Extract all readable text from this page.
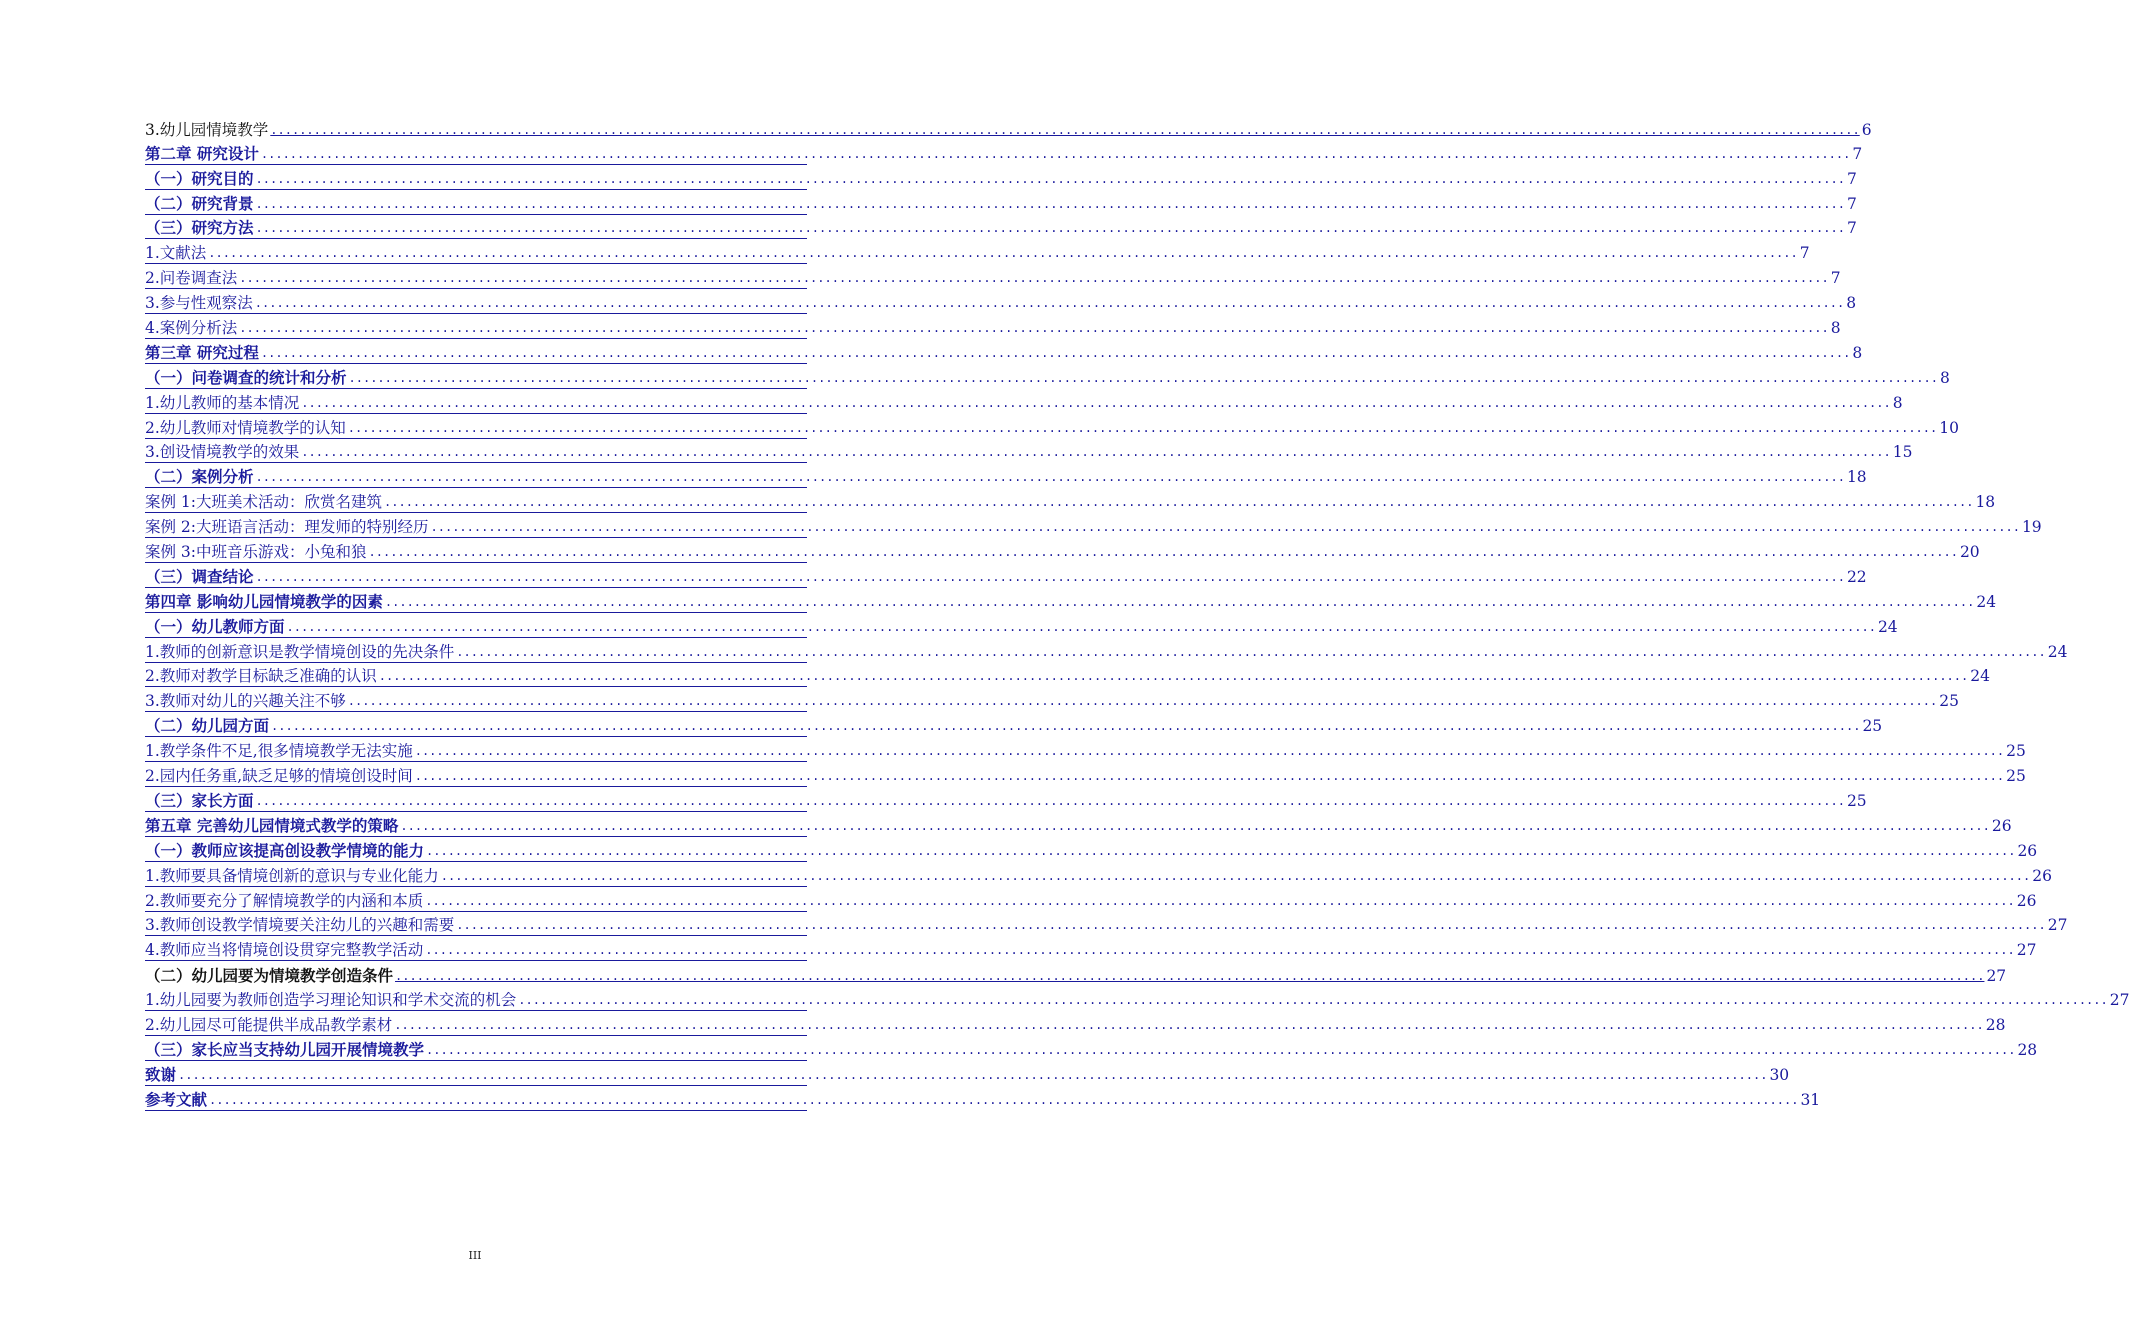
3.幼儿园情境教学 ............................................................................................................................................................................................................................ 6
第二章 研究设计 ............................................................................................................................................................................................................................ 7
（一）研究目的 ............................................................................................................................................................................................................................ 7
（二）研究背景 ............................................................................................................................................................................................................................ 7
（三）研究方法 ............................................................................................................................................................................................................................ 7
1.文献法 ............................................................................................................................................................................................................................ 7
2.问卷调查法 ............................................................................................................................................................................................................................ 7
3.参与性观察法 ............................................................................................................................................................................................................................ 8
4.案例分析法 ............................................................................................................................................................................................................................ 8
第三章 研究过程 ............................................................................................................................................................................................................................ 8
（一）问卷调查的统计和分析 ............................................................................................................................................................................................................................ 8
1.幼儿教师的基本情况 ............................................................................................................................................................................................................................ 8
2.幼儿教师对情境教学的认知 ............................................................................................................................................................................................................................ 10
3.创设情境教学的效果 ............................................................................................................................................................................................................................ 15
（二）案例分析 ............................................................................................................................................................................................................................ 18
案例 1:大班美术活动：欣赏名建筑 ............................................................................................................................................................................................................................ 18
案例 2:大班语言活动：理发师的特别经历 ............................................................................................................................................................................................................................ 19
案例 3:中班音乐游戏：小兔和狼 ............................................................................................................................................................................................................................ 20
（三）调查结论 ............................................................................................................................................................................................................................ 22
第四章 影响幼儿园情境教学的因素 ............................................................................................................................................................................................................................ 24
（一）幼儿教师方面 ............................................................................................................................................................................................................................ 24
1.教师的创新意识是教学情境创设的先决条件 ............................................................................................................................................................................................................................ 24
2.教师对教学目标缺乏准确的认识 ............................................................................................................................................................................................................................ 24
3.教师对幼儿的兴趣关注不够 ............................................................................................................................................................................................................................ 25
（二）幼儿园方面 ............................................................................................................................................................................................................................ 25
1.教学条件不足,很多情境教学无法实施 ............................................................................................................................................................................................................................ 25
2.园内任务重,缺乏足够的情境创设时间 ............................................................................................................................................................................................................................ 25
（三）家长方面 ............................................................................................................................................................................................................................ 25
第五章 完善幼儿园情境式教学的策略 ............................................................................................................................................................................................................................ 26
（一）教师应该提高创设教学情境的能力 ............................................................................................................................................................................................................................ 26
1.教师要具备情境创新的意识与专业化能力 ............................................................................................................................................................................................................................ 26
2.教师要充分了解情境教学的内涵和本质 ............................................................................................................................................................................................................................ 26
3.教师创设教学情境要关注幼儿的兴趣和需要 ............................................................................................................................................................................................................................ 27
4.教师应当将情境创设贯穿完整教学活动 ............................................................................................................................................................................................................................ 27
（二）幼儿园要为情境教学创造条件 ............................................................................................................................................................................................................................ 27
1.幼儿园要为教师创造学习理论知识和学术交流的机会 ............................................................................................................................................................................................................................ 27
2.幼儿园尽可能提供半成品教学素材 ............................................................................................................................................................................................................................ 28
（三）家长应当支持幼儿园开展情境教学 ............................................................................................................................................................................................................................ 28
致谢 ............................................................................................................................................................................................................................ 30
参考文献 ............................................................................................................................................................................................................................ 31
III
